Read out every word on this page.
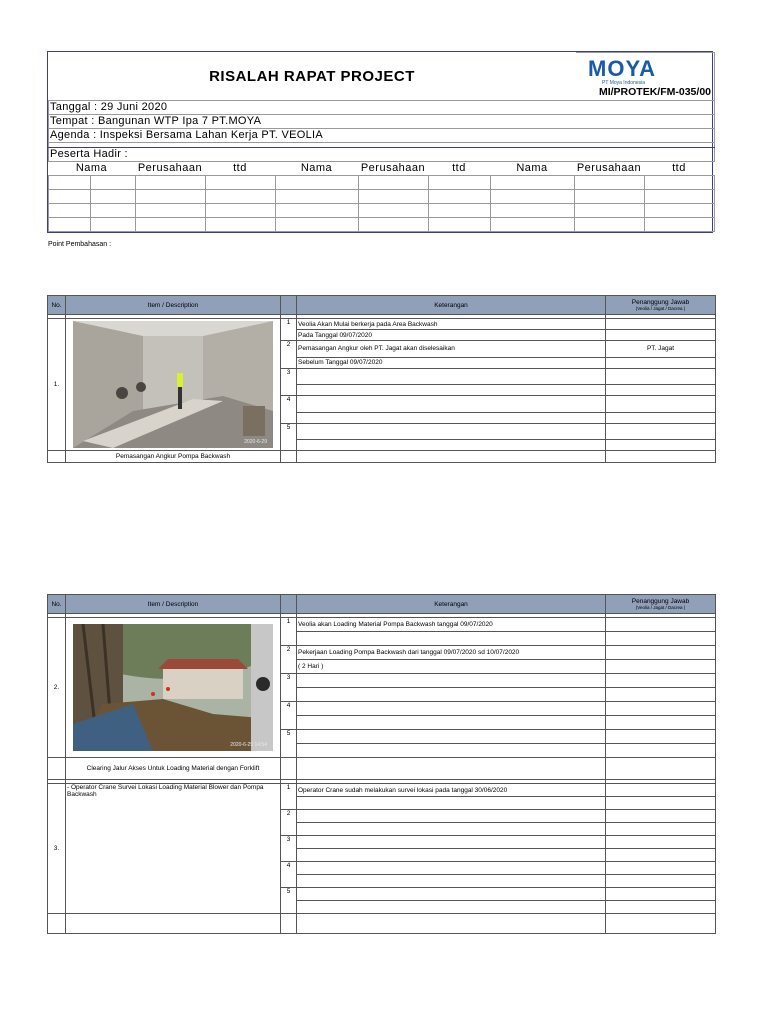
RISALAH RAPAT PROJECT	MOYA
PT Moya Indonesia
MI/PROTEK/FM-035/00
Tanggal : 29 Juni 2020
Tempat : Bangunan WTP Ipa 7 PT.MOYA
Agenda : Inspeksi Bersama Lahan Kerja PT. VEOLIA
Peserta Hadir :
Nama	Perusahaan	ttd	Nama	Perusahaan	ttd	Nama	Perusahaan	ttd
Point Pembahasan :
No.	Item / Description		Keterangan	Penanggung Jawab
(Veolia / Jagat / Dacrea )

1.	2020-6-29	1	Veolia Akan Mulai berkerja pada Area Backwash	
			Pada Tanggal 09/07/2020	
		2	Pemasangan Angkur oleh PT. Jagat akan diselesaikan	PT. Jagat
			Sebelum Tanggal 09/07/2020	
		3		

		4		

		5		

	Pemasangan Angkur Pompa Backwash			
No.	Item / Description		Keterangan	Penanggung Jawab
(Veolia / Jagat / Dacrea )

2.	2020-6-29 14:54	1	Veolia akan Loading Material Pompa Backwash tanggal 09/07/2020	

		2	Pekerjaan Loading Pompa Backwash dari tanggal 09/07/2020 sd 10/07/2020	
			( 2 Hari )	
		3		

		4		

		5		

	Clearing Jalur Akses Untuk Loading Material dengan Forklift			

3.	- Operator Crane Survei Lokasi Loading Material Blower dan Pompa Backwash	1	Operator Crane sudah melakukan survei lokasi pada tanggal 30/06/2020	

		2		

		3		

		4		

		5		
